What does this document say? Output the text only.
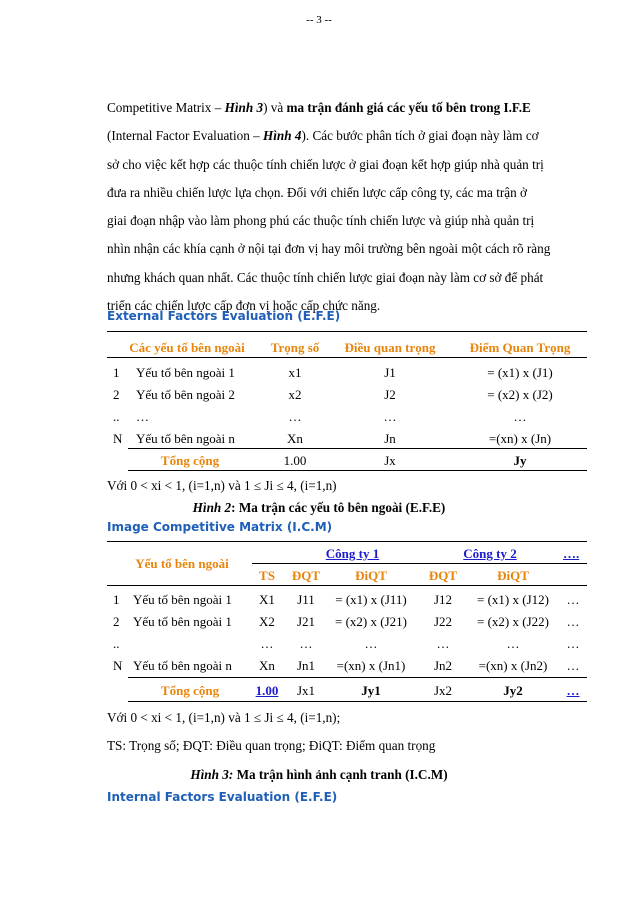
-- 3 --

Competitive Matrix – Hình 3) và ma trận đánh giá các yếu tố bên trong I.F.E

(Internal Factor Evaluation – Hình 4). Các bước phân tích ở giai đoạn này làm cơ

sở cho việc kết hợp các thuộc tính chiến lược ở giai đoạn kết hợp giúp nhà quản trị

đưa ra nhiều chiến lược lựa chọn. Đối với chiến lược cấp công ty, các ma trận ở

giai đoạn nhập vào làm phong phú các thuộc tính chiến lược và giúp nhà quản trị

nhìn nhận các khía cạnh ở nội tại đơn vị hay môi trường bên ngoài một cách rõ ràng

nhưng khách quan nhất. Các thuộc tính chiến lược giai đoạn này làm cơ sở để phát

triển các chiến lược cấp đơn vị hoặc cấp chức năng.

External Factors Evaluation (E.F.E)
Các yếu tố bên ngoài	Trọng số	Điều quan trọng	Điểm Quan Trọng
1 Yếu tố bên ngoài 1	x1	J1	= (x1) x (J1)
2 Yếu tố bên ngoài 2	x2	J2	= (x2) x (J2)
.. …	…	…	…
N Yếu tố bên ngoài n	Xn	Jn	=(xn) x (Jn)
Tổng cộng	1.00	Jx	Jy
Với 0 < xi < 1, (i=1,n) và 1 ≤ Ji ≤ 4, (i=1,n)
Hình 2: Ma trận các yếu tô bên ngoài (E.F.E)
Image Competitive Matrix (I.C.M)
Yếu tố bên ngoài
Công ty 1	Công ty 2	….
TS	ĐQT	ĐiQT	ĐQT	ĐiQT
1 Yếu tố bên ngoài 1	X1	J11	= (x1) x (J11)	J12	= (x1) x (J12)	…
2 Yếu tố bên ngoài 1	X2	J21	= (x2) x (J21)	J22	= (x2) x (J22)	…
..	…	…	…	…	…	…
N Yếu tố bên ngoài n	Xn	Jn1	=(xn) x (Jn1)	Jn2	=(xn) x (Jn2)	…
Tổng cộng	1.00	Jx1	Jy1	Jx2	Jy2	…
Với 0 < xi < 1, (i=1,n) và 1 ≤ Ji ≤ 4, (i=1,n);
TS: Trọng số; ĐQT: Điều quan trọng; ĐiQT: Điểm quan trọng
Hình 3: Ma trận hình ảnh cạnh tranh (I.C.M)
Internal Factors Evaluation (E.F.E)
